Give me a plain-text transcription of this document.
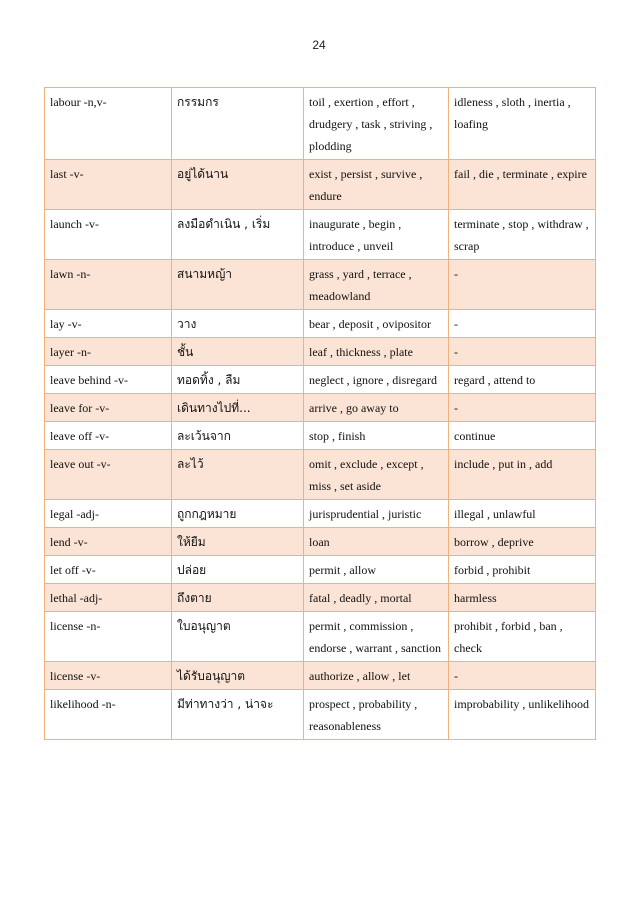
24
labour -n,v-	กรรมกร	toil , exertion , effort , drudgery , task , striving , plodding	idleness , sloth , inertia , loafing
last -v-	อยู่ได้นาน	exist , persist , survive , endure	fail , die , terminate , expire
launch -v-	ลงมือดำเนิน , เริ่ม	inaugurate , begin , introduce , unveil	terminate , stop , withdraw , scrap
lawn -n-	สนามหญ้า	grass , yard , terrace , meadowland	-
lay -v-	วาง	bear , deposit , ovipositor	-
layer -n-	ชั้น	leaf , thickness , plate	-
leave behind -v-	ทอดทิ้ง , ลืม	neglect , ignore , disregard	regard , attend to
leave for -v-	เดินทางไปที่...	arrive , go away to	-
leave off -v-	ละเว้นจาก	stop , finish	continue
leave out -v-	ละไว้	omit , exclude , except , miss , set aside	include , put in , add
legal -adj-	ถูกกฎหมาย	jurisprudential , juristic	illegal , unlawful
lend -v-	ให้ยืม	loan	borrow , deprive
let off -v-	ปล่อย	permit , allow	forbid , prohibit
lethal -adj-	ถึงตาย	fatal , deadly , mortal	harmless
license -n-	ใบอนุญาต	permit , commission , endorse , warrant , sanction	prohibit , forbid , ban , check
license -v-	ได้รับอนุญาต	authorize , allow , let	-
likelihood -n-	มีท่าทางว่า , น่าจะ	prospect , probability , reasonableness	improbability , unlikelihood
